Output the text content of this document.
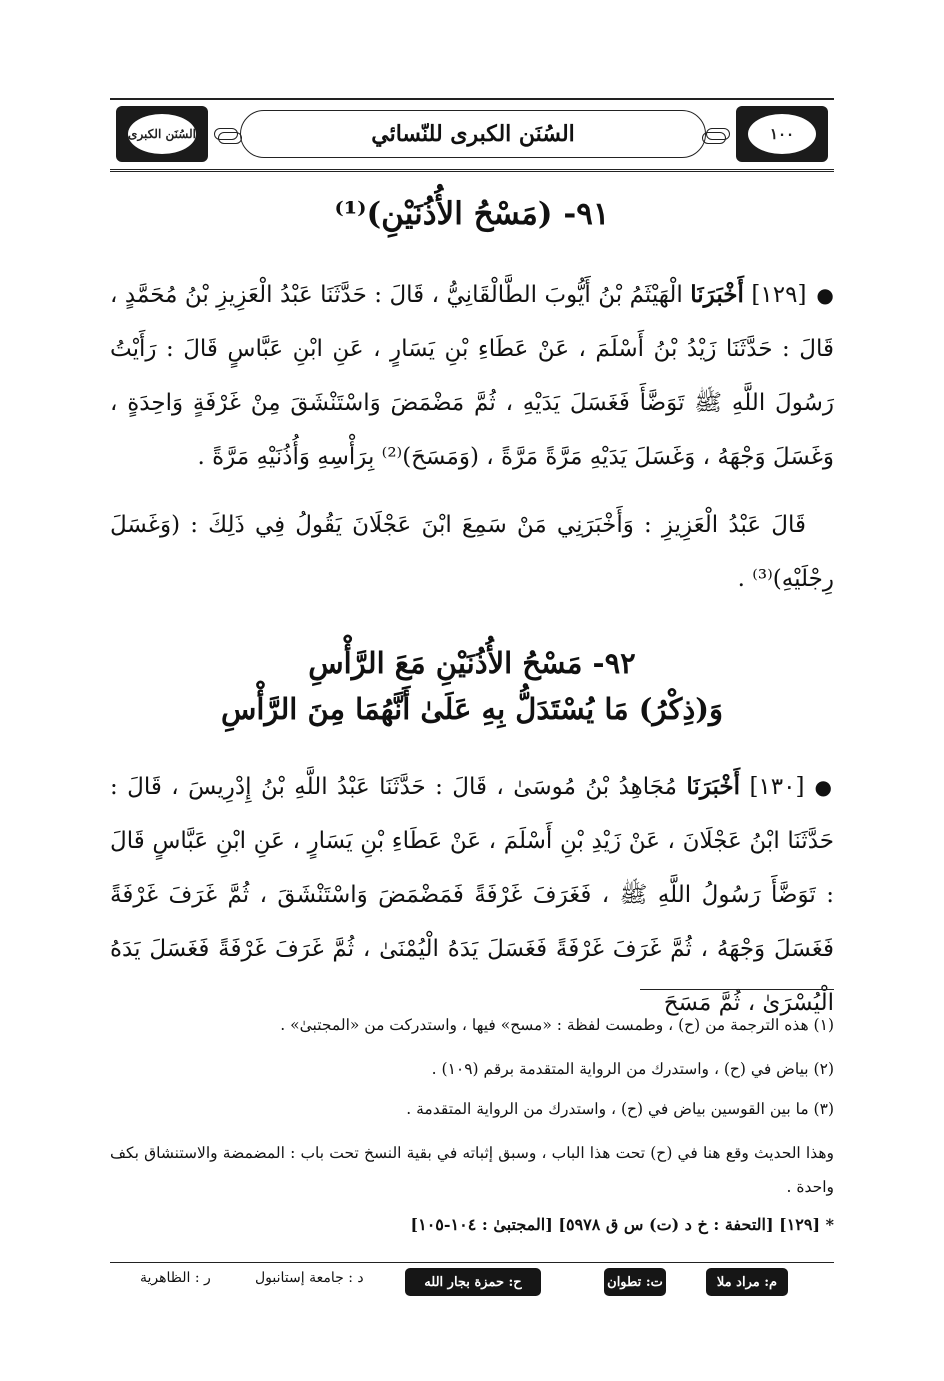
١٠٠
السُنَن الكبرى للنّسائي
السُنَن الكبرى
٩١- (مَسْحُ الأُذُنَيْنِ)⁽¹⁾
●[١٢٩] أَخْبَرَنَا الْهَيْثَمُ بْنُ أَيُّوبَ الطَّالْقَانِيُّ ، قَالَ : حَدَّثَنَا عَبْدُ الْعَزِيزِ بْنُ مُحَمَّدٍ ، قَالَ : حَدَّثَنَا زَيْدُ بْنُ أَسْلَمَ ، عَنْ عَطَاءِ بْنِ يَسَارٍ ، عَنِ ابْنِ عَبَّاسٍ قَالَ : رَأَيْتُ رَسُولَ اللَّهِ ﷺ تَوَضَّأَ فَغَسَلَ يَدَيْهِ ، ثُمَّ مَضْمَضَ وَاسْتَنْشَقَ مِنْ غَرْفَةٍ وَاحِدَةٍ ، وَغَسَلَ وَجْهَهُ ، وَغَسَلَ يَدَيْهِ مَرَّةً مَرَّةً ، (وَمَسَحَ)⁽²⁾ بِرَأْسِهِ وَأُذُنَيْهِ مَرَّةً .
قَالَ عَبْدُ الْعَزِيزِ : وَأَخْبَرَنِي مَنْ سَمِعَ ابْنَ عَجْلَانَ يَقُولُ فِي ذَلِكَ : (وَغَسَلَ رِجْلَيْهِ)⁽³⁾ .
٩٢- مَسْحُ الأُذُنَيْنِ مَعَ الرَّأْسِ
وَ(ذِكْرُ) مَا يُسْتَدَلُّ بِهِ عَلَىٰ أَنَّهُمَا مِنَ الرَّأْسِ
●[١٣٠] أَخْبَرَنَا مُجَاهِدُ بْنُ مُوسَىٰ ، قَالَ : حَدَّثَنَا عَبْدُ اللَّهِ بْنُ إِدْرِيسَ ، قَالَ : حَدَّثَنَا ابْنُ عَجْلَانَ ، عَنْ زَيْدِ بْنِ أَسْلَمَ ، عَنْ عَطَاءِ بْنِ يَسَارٍ ، عَنِ ابْنِ عَبَّاسٍ قَالَ : تَوَضَّأَ رَسُولُ اللَّهِ ﷺ ، فَغَرَفَ غَرْفَةً فَمَضْمَضَ وَاسْتَنْشَقَ ، ثُمَّ غَرَفَ غَرْفَةً فَغَسَلَ وَجْهَهُ ، ثُمَّ غَرَفَ غَرْفَةً فَغَسَلَ يَدَهُ الْيُمْنَىٰ ، ثُمَّ غَرَفَ غَرْفَةً فَغَسَلَ يَدَهُ الْيُسْرَىٰ ، ثُمَّ مَسَحَ
(١) هذه الترجمة من (ح) ، وطمست لفظة : «مسح» فيها ، واستدركت من «المجتبىٰ» .
(٢) بياض في (ح) ، واستدرك من الرواية المتقدمة برقم (١٠٩) .
(٣) ما بين القوسين بياض في (ح) ، واستدرك من الرواية المتقدمة .
وهذا الحديث وقع هنا في (ح) تحت هذا الباب ، وسبق إثباته في بقية النسخ تحت باب : المضمضة والاستنشاق بكف واحدة .
* [١٢٩] [التحفة : خ د (ت) س ق ٥٩٧٨] [المجتبىٰ : ١٠٤-١٠٥]
م: مراد ملا
ت: تطوان
ح: حمزة بجار الله
د : جامعة إستانبول
ر : الظاهرية
